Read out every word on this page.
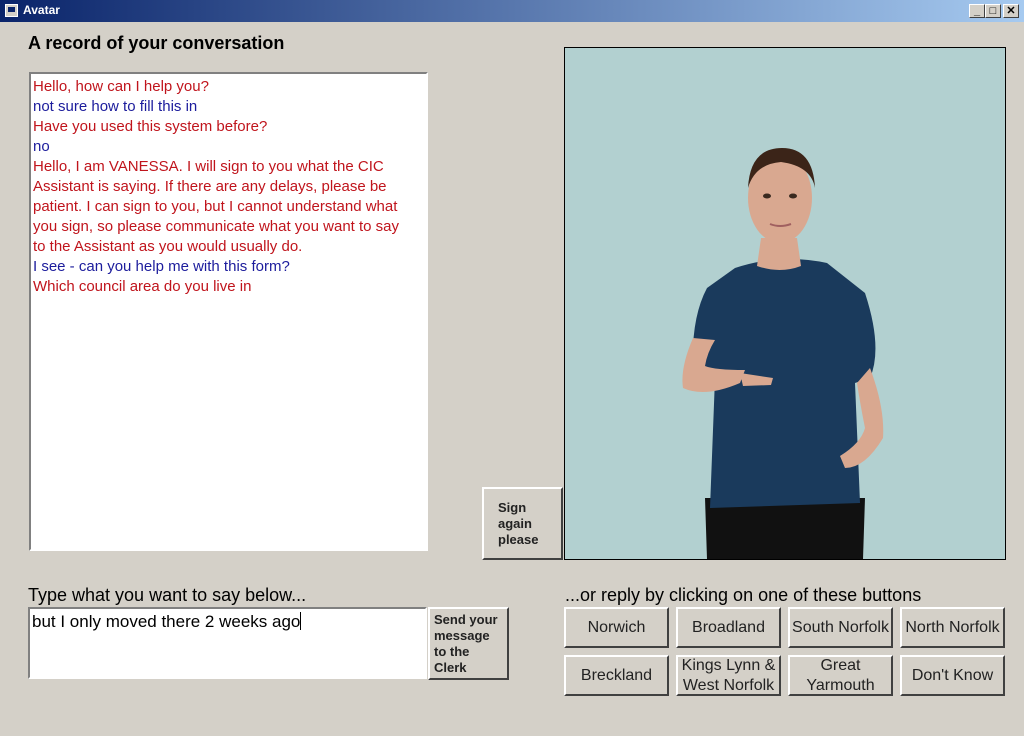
Avatar	_ □ ✕
A record of your conversation
Hello, how can I help you?
not sure how to fill this in
Have you used this system before?
no
Hello, I am VANESSA. I will sign to you what the CIC
Assistant is saying. If there are any delays, please be
patient. I can sign to you, but I cannot understand what
you sign, so please communicate what you want to say
to the Assistant as you would usually do.
I see - can you help me with this form?
Which council area do you live in
Sign
again
please
Type what you want to say below...
but I only moved there 2 weeks ago	Send your
message
to the
Clerk
...or reply by clicking on one of these buttons
Norwich	Broadland South Norfolk North Norfolk
Breckland
Kings Lynn &
West Norfolk
Great
Yarmouth
Don't Know
